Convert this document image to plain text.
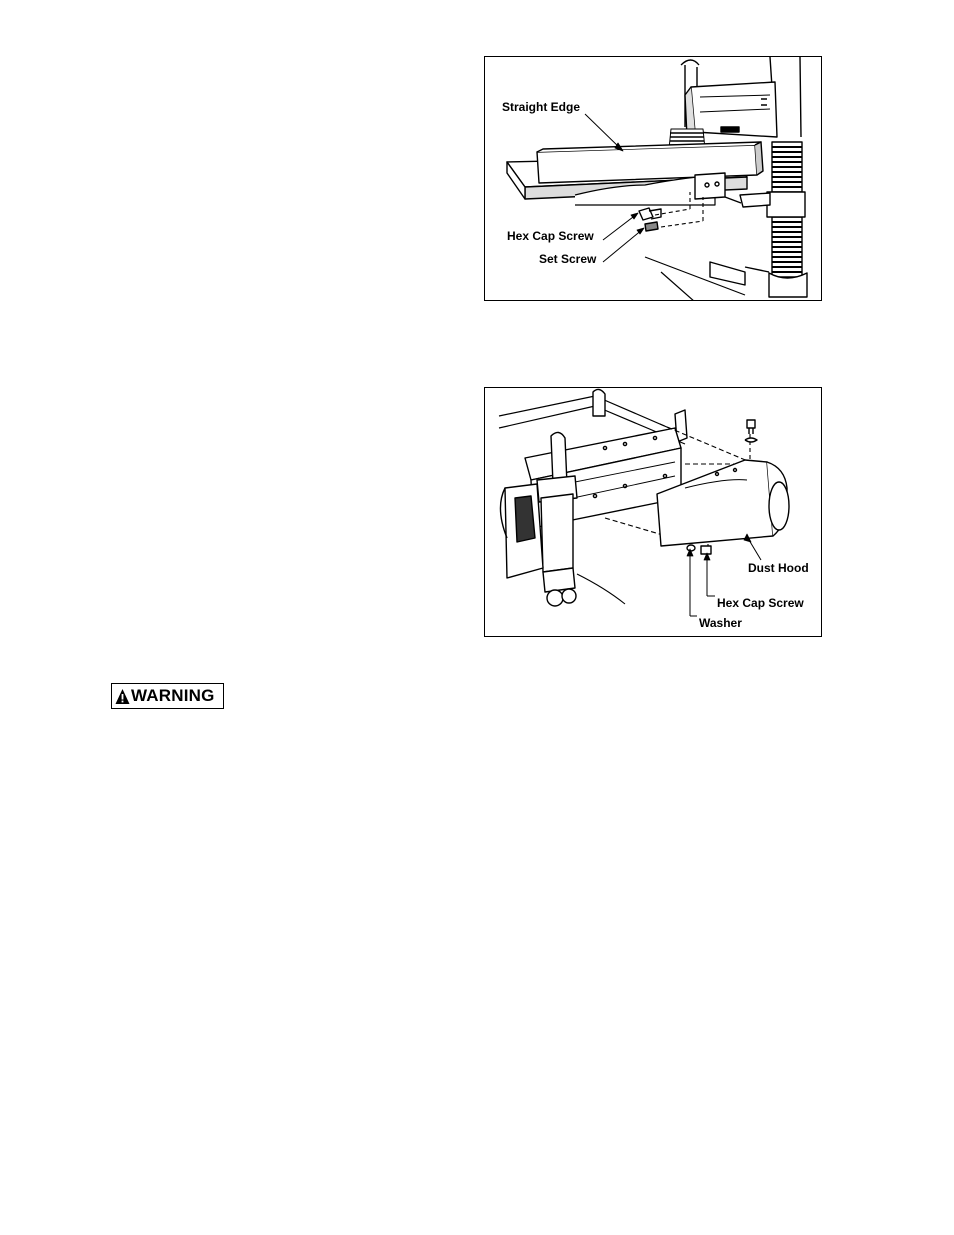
Straight Edge
Hex Cap Screw
Set Screw
Dust Hood
Hex Cap Screw
Washer
WARNING
